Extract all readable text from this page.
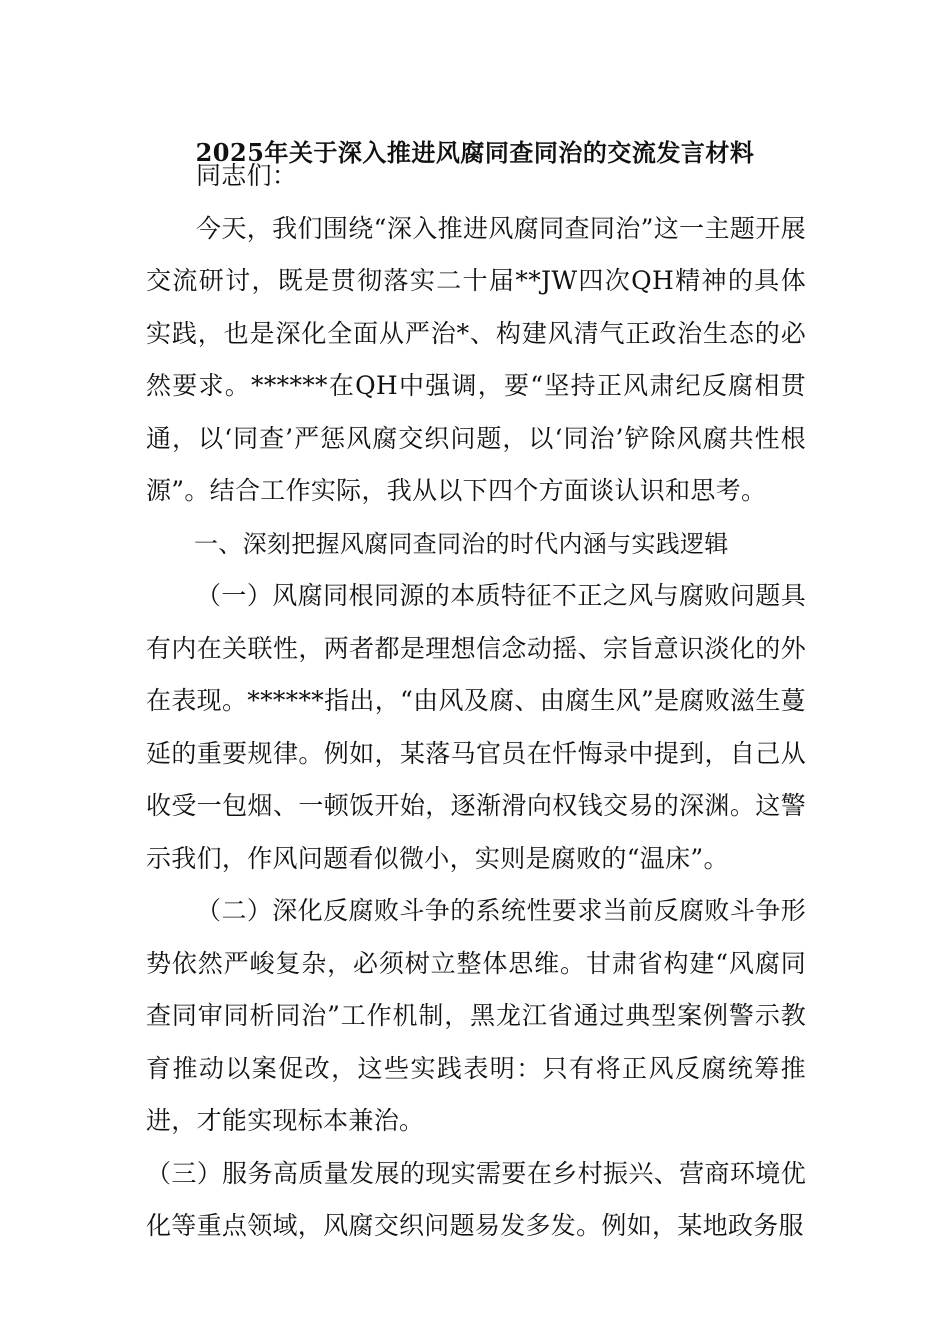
2025年关于深入推进风腐同查同治的交流发言材料

同志们：

今天，我们围绕“深入推进风腐同查同治”这一主题开展交流研讨，既是贯彻落实二十届**JW四次QH精神的具体实践，也是深化全面从严治*、构建风清气正政治生态的必然要求。******在QH中强调，要“坚持正风肃纪反腐相贯通，以‘同查’严惩风腐交织问题，以‘同治’铲除风腐共性根源”。结合工作实际，我从以下四个方面谈认识和思考。

一、深刻把握风腐同查同治的时代内涵与实践逻辑

（一）风腐同根同源的本质特征不正之风与腐败问题具有内在关联性，两者都是理想信念动摇、宗旨意识淡化的外在表现。******指出，“由风及腐、由腐生风”是腐败滋生蔓延的重要规律。例如，某落马官员在忏悔录中提到，自己从收受一包烟、一顿饭开始，逐渐滑向权钱交易的深渊。这警示我们，作风问题看似微小，实则是腐败的“温床”。

（二）深化反腐败斗争的系统性要求当前反腐败斗争形势依然严峻复杂，必须树立整体思维。甘肃省构建“风腐同查同审同析同治”工作机制，黑龙江省通过典型案例警示教育推动以案促改，这些实践表明：只有将正风反腐统筹推进，才能实现标本兼治。

（三）服务高质量发展的现实需要在乡村振兴、营商环境优化等重点领域，风腐交织问题易发多发。例如，某地政务服
